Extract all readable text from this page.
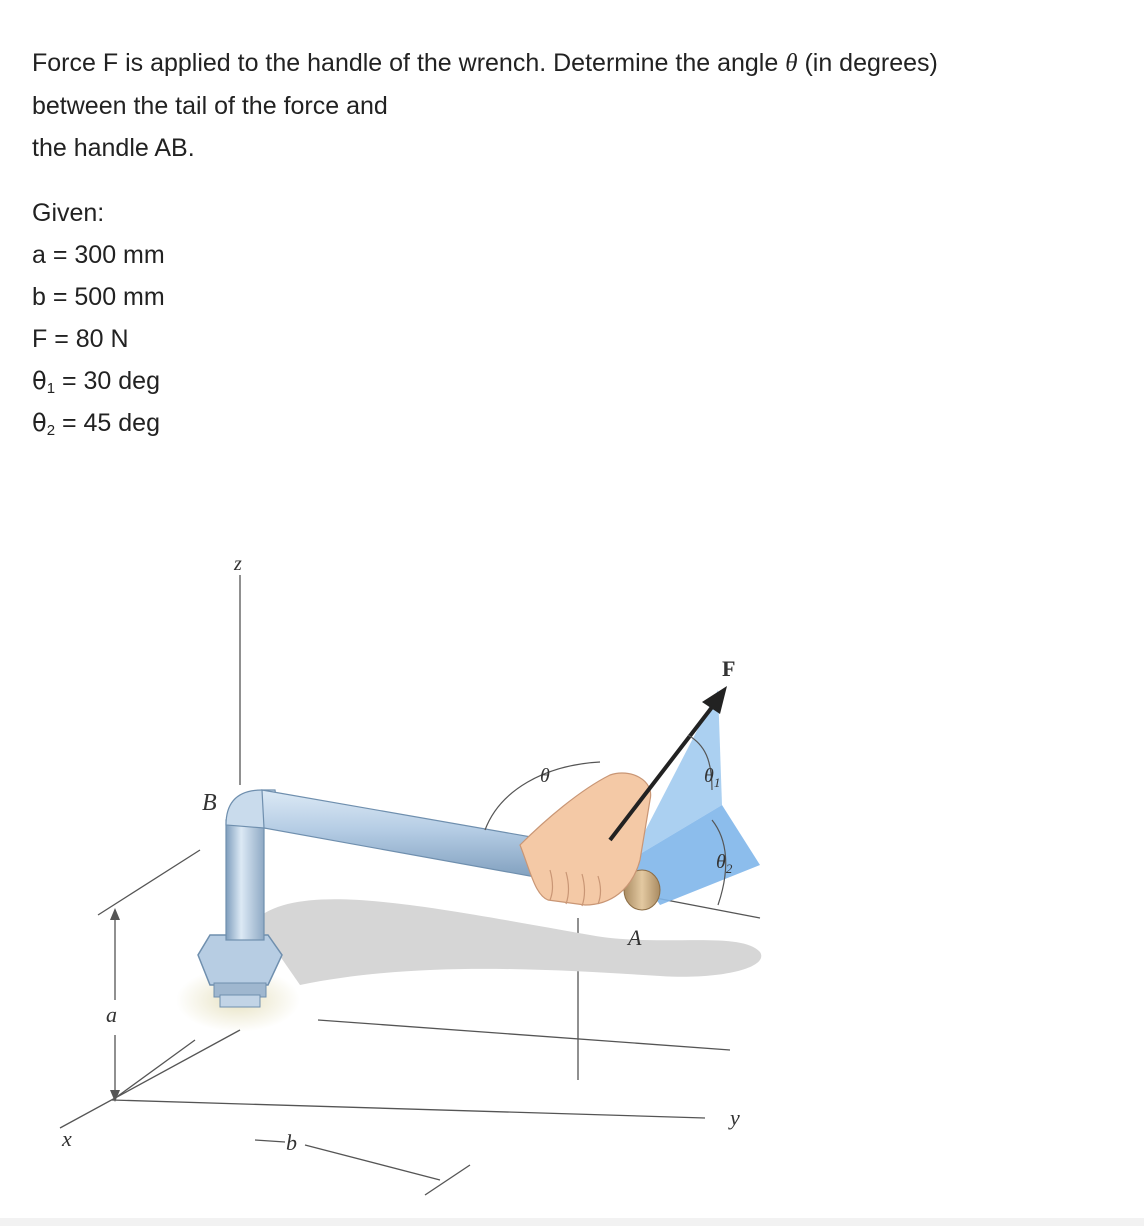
Force F is applied to the handle of the wrench. Determine the angle θ (in degrees)

between the tail of the force and

the handle AB.

Given:
a = 300 mm
b = 500 mm
F = 80 N
$\theta_1 = 30$ deg
$\theta_2 = 45$ deg
z
x
y
a
b
B
A
F
θ	$\theta_1$
$\theta_2$
